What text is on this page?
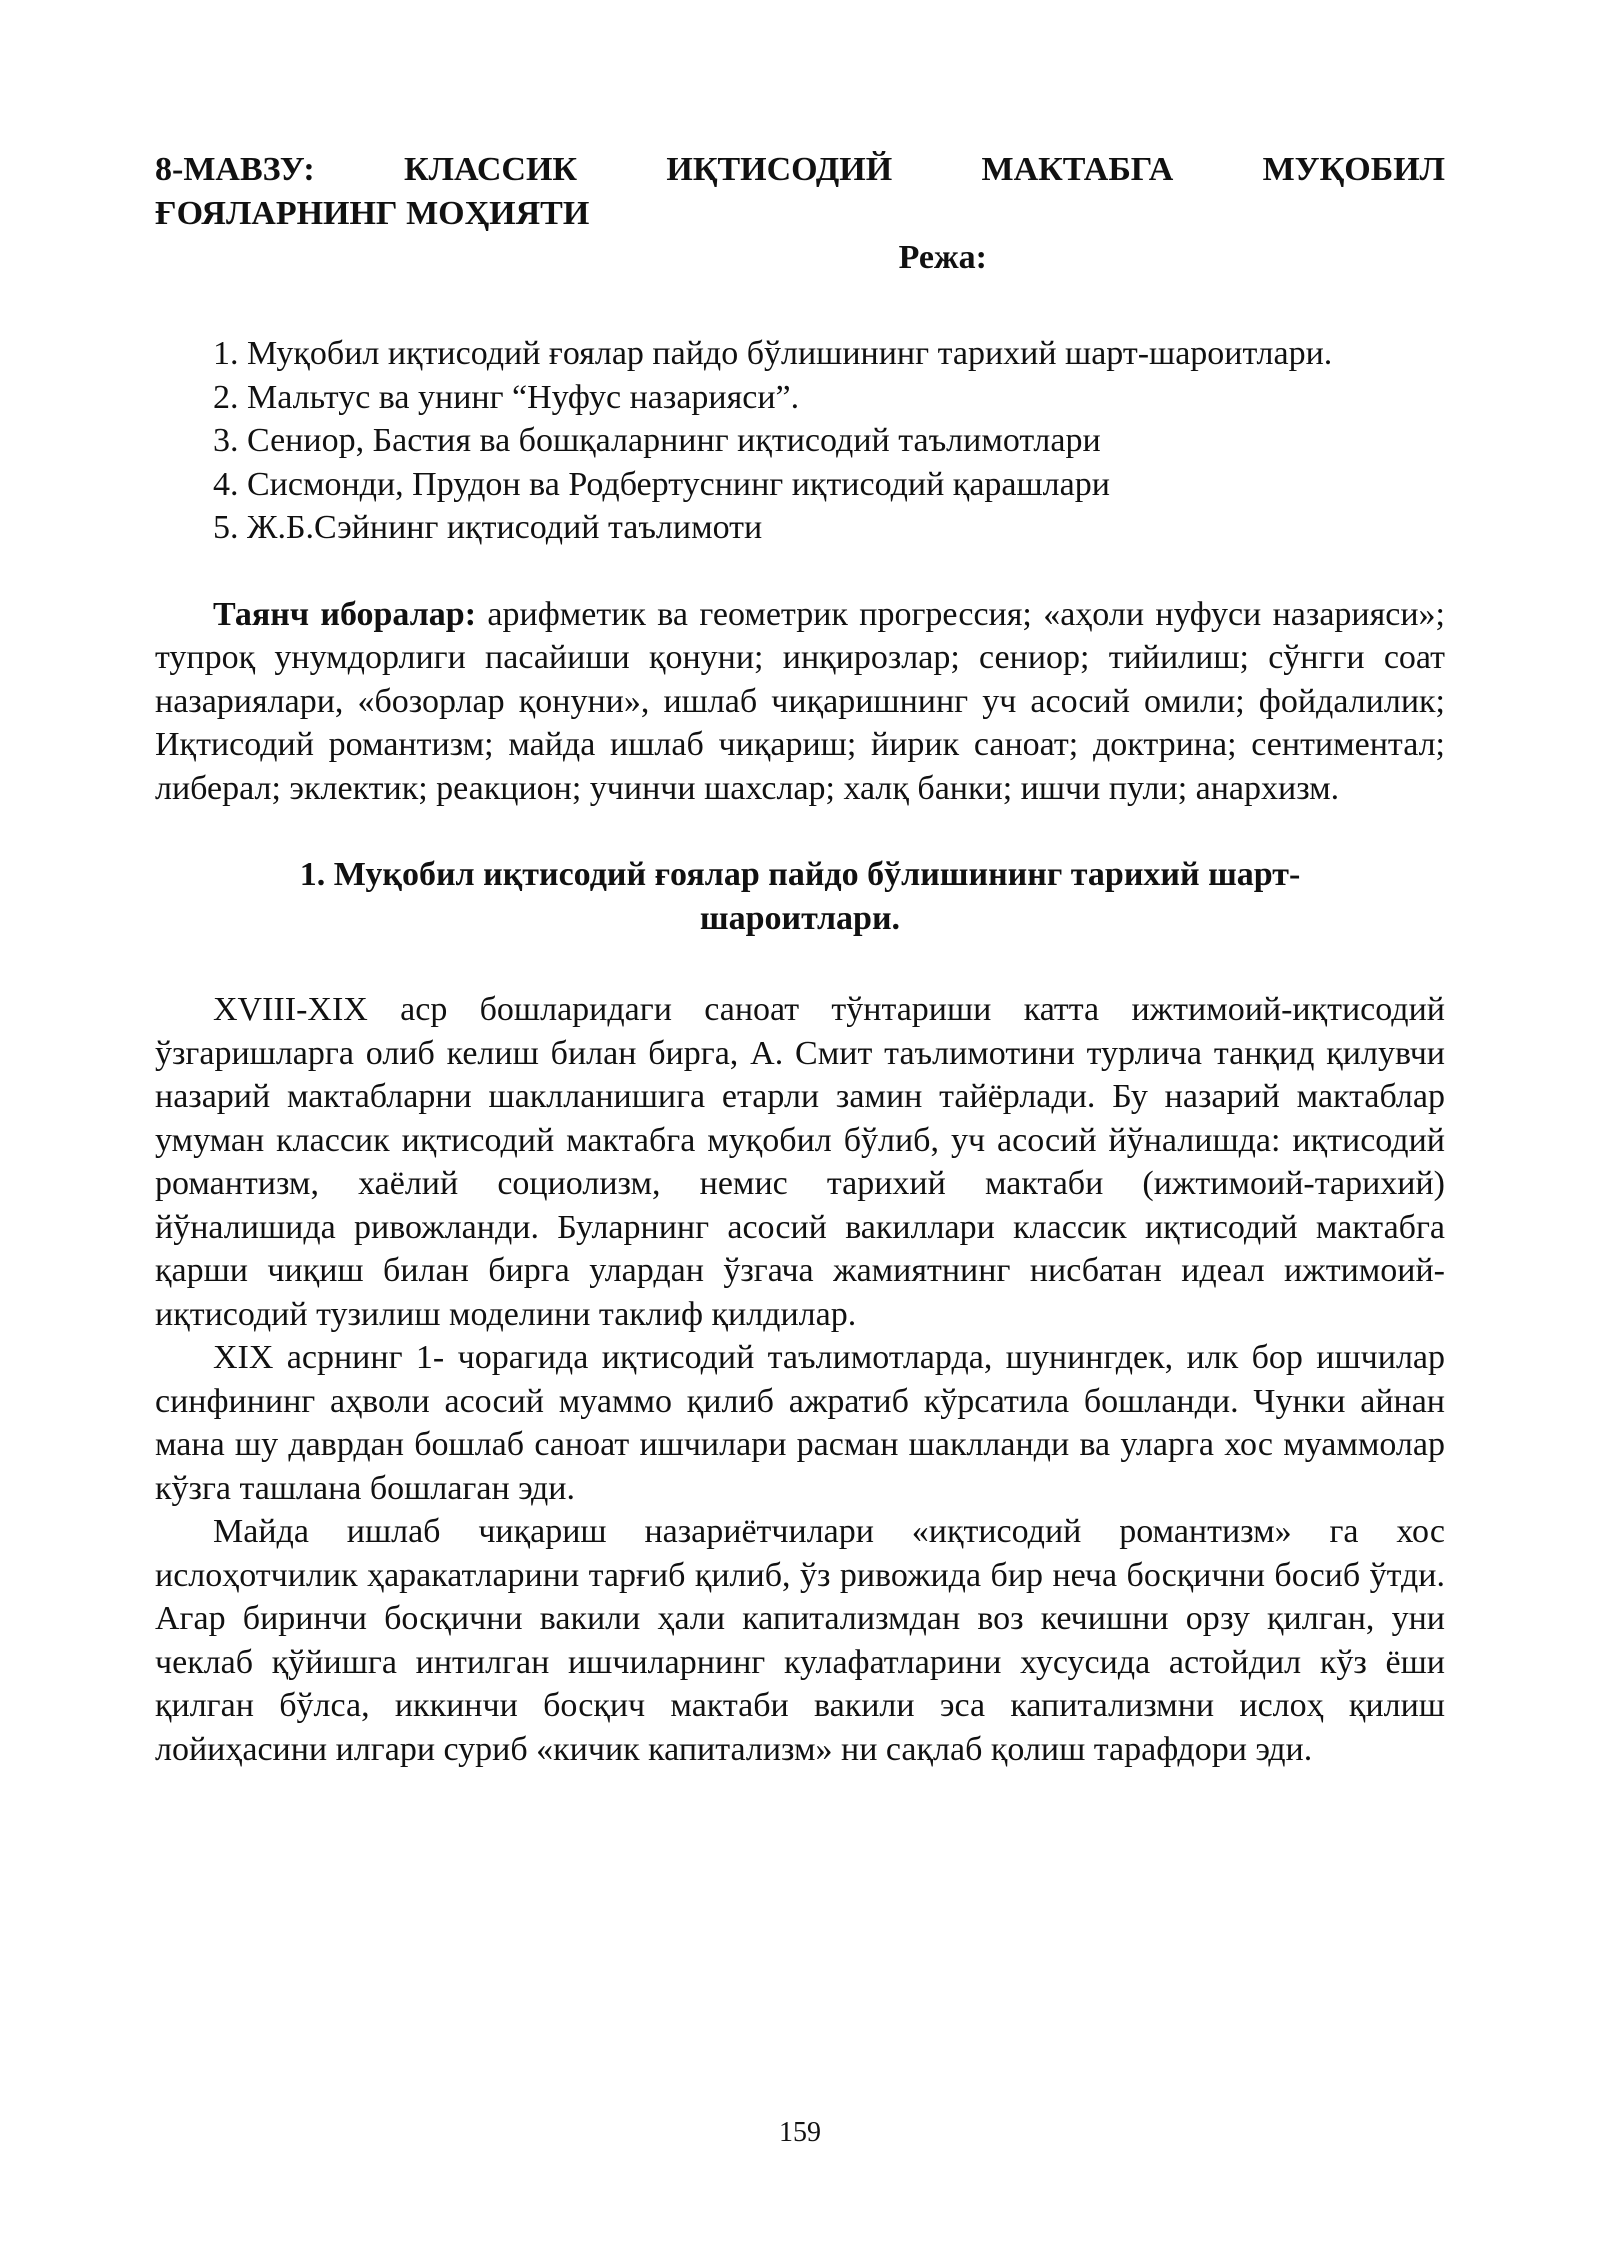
8-МАВЗУ: КЛАССИК ИҚТИСОДИЙ МАКТАБГА МУҚОБИЛ
ҒОЯЛАРНИНГ МОҲИЯТИ
Режа:

1. Муқобил иқтисодий ғоялар пайдо бўлишининг тарихий шарт-шароитлари.

2. Мальтус ва унинг “Нуфус назарияси”.

3. Сениор, Бастия ва бошқаларнинг иқтисодий таълимотлари

4. Сисмонди, Прудон ва Родбертуснинг иқтисодий қарашлари

5. Ж.Б.Сэйнинг иқтисодий таълимоти

Таянч иборалар: арифметик ва геометрик прогрессия; «аҳоли нуфуси назарияси»; тупроқ унумдорлиги пасайиши қонуни; инқирозлар; сениор; тийилиш; сўнгги соат назариялари, «бозорлар қонуни», ишлаб чиқаришнинг уч асосий омили; фойдалилик; Иқтисодий романтизм; майда ишлаб чиқариш; йирик саноат; доктрина; сентиментал; либерал; эклектик; реакцион; учинчи шахслар; халқ банки; ишчи пули; анархизм.

1. Муқобил иқтисодий ғоялар пайдо бўлишининг тарихий шарт-
шароитлари.

XVIII-XIX аср бошларидаги саноат тўнтариши катта ижтимоий-иқтисодий ўзгаришларга олиб келиш билан бирга, А. Смит таълимотини турлича танқид қилувчи назарий мактабларни шаклланишига етарли замин тайёрлади. Бу назарий мактаблар умуман классик иқтисодий мактабга муқобил бўлиб, уч асосий йўналишда: иқтисодий романтизм, хаёлий социолизм, немис тарихий мактаби (ижтимоий-тарихий) йўналишида ривожланди. Буларнинг асосий вакиллари классик иқтисодий мактабга қарши чиқиш билан бирга улардан ўзгача жамиятнинг нисбатан идеал ижтимоий-иқтисодий тузилиш моделини таклиф қилдилар.

XIX асрнинг 1- чорагида иқтисодий таълимотларда, шунингдек, илк бор ишчилар синфининг аҳволи асосий муаммо қилиб ажратиб кўрсатила бошланди. Чунки айнан мана шу даврдан бошлаб саноат ишчилари расман шаклланди ва уларга хос муаммолар кўзга ташлана бошлаган эди.

Майда ишлаб чиқариш назариётчилари «иқтисодий романтизм» га хос ислоҳотчилик ҳаракатларини тарғиб қилиб, ўз ривожида бир неча босқични босиб ўтди. Агар биринчи босқични вакили ҳали капитализмдан воз кечишни орзу қилган, уни чеклаб қўйишга интилган ишчиларнинг кулафатларини хусусида астойдил кўз ёши қилган бўлса, иккинчи босқич мактаби вакили эса капитализмни ислоҳ қилиш лойиҳасини илгари суриб «кичик капитализм» ни сақлаб қолиш тарафдори эди.

159
